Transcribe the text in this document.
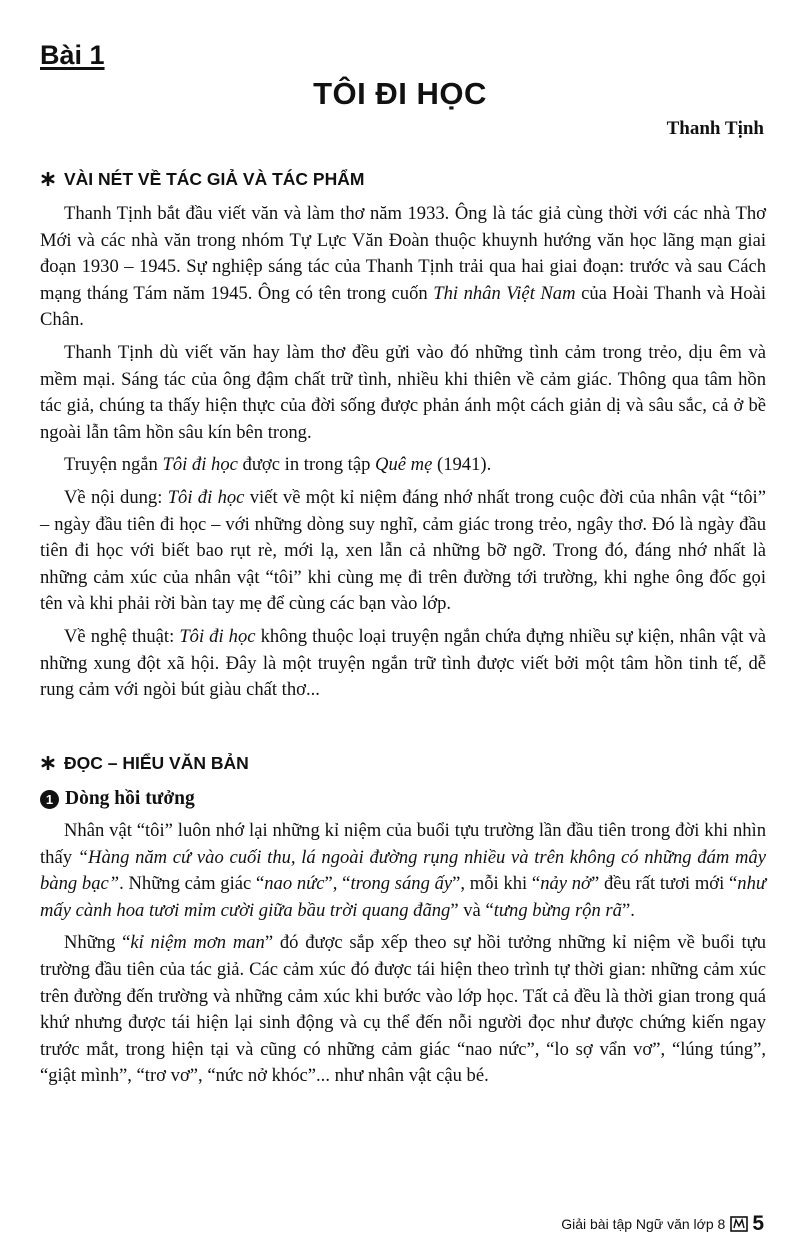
Bài 1
TÔI ĐI HỌC
Thanh Tịnh
VÀI NÉT VỀ TÁC GIẢ VÀ TÁC PHẨM

Thanh Tịnh bắt đầu viết văn và làm thơ năm 1933. Ông là tác giả cùng thời với các nhà Thơ Mới và các nhà văn trong nhóm Tự Lực Văn Đoàn thuộc khuynh hướng văn học lãng mạn giai đoạn 1930 – 1945. Sự nghiệp sáng tác của Thanh Tịnh trải qua hai giai đoạn: trước và sau Cách mạng tháng Tám năm 1945. Ông có tên trong cuốn Thi nhân Việt Nam của Hoài Thanh và Hoài Chân.

Thanh Tịnh dù viết văn hay làm thơ đều gửi vào đó những tình cảm trong trẻo, dịu êm và mềm mại. Sáng tác của ông đậm chất trữ tình, nhiều khi thiên về cảm giác. Thông qua tâm hồn tác giả, chúng ta thấy hiện thực của đời sống được phản ánh một cách giản dị và sâu sắc, cả ở bề ngoài lẫn tâm hồn sâu kín bên trong.

Truyện ngắn Tôi đi học được in trong tập Quê mẹ (1941).

Về nội dung: Tôi đi học viết về một kỉ niệm đáng nhớ nhất trong cuộc đời của nhân vật “tôi” – ngày đầu tiên đi học – với những dòng suy nghĩ, cảm giác trong trẻo, ngây thơ. Đó là ngày đầu tiên đi học với biết bao rụt rè, mới lạ, xen lẫn cả những bỡ ngỡ. Trong đó, đáng nhớ nhất là những cảm xúc của nhân vật “tôi” khi cùng mẹ đi trên đường tới trường, khi nghe ông đốc gọi tên và khi phải rời bàn tay mẹ để cùng các bạn vào lớp.

Về nghệ thuật: Tôi đi học không thuộc loại truyện ngắn chứa đựng nhiều sự kiện, nhân vật và những xung đột xã hội. Đây là một truyện ngắn trữ tình được viết bởi một tâm hồn tinh tế, dễ rung cảm với ngòi bút giàu chất thơ...

ĐỌC – HIỂU VĂN BẢN
1 Dòng hồi tưởng

Nhân vật “tôi” luôn nhớ lại những kỉ niệm của buổi tựu trường lần đầu tiên trong đời khi nhìn thấy “Hàng năm cứ vào cuối thu, lá ngoài đường rụng nhiều và trên không có những đám mây bàng bạc”. Những cảm giác “nao nức”, “trong sáng ấy”, mỗi khi “nảy nở” đều rất tươi mới “như mấy cành hoa tươi mỉm cười giữa bầu trời quang đãng” và “tưng bừng rộn rã”.

Những “kỉ niệm mơn man” đó được sắp xếp theo sự hồi tưởng những kỉ niệm về buổi tựu trường đầu tiên của tác giả. Các cảm xúc đó được tái hiện theo trình tự thời gian: những cảm xúc trên đường đến trường và những cảm xúc khi bước vào lớp học. Tất cả đều là thời gian trong quá khứ nhưng được tái hiện lại sinh động và cụ thể đến nỗi người đọc như được chứng kiến ngay trước mắt, trong hiện tại và cũng có những cảm giác “nao nức”, “lo sợ vẩn vơ”, “lúng túng”, “giật mình”, “trơ vơ”, “nức nở khóc”... như nhân vật cậu bé.

Giải bài tập Ngữ văn lớp 8 5
